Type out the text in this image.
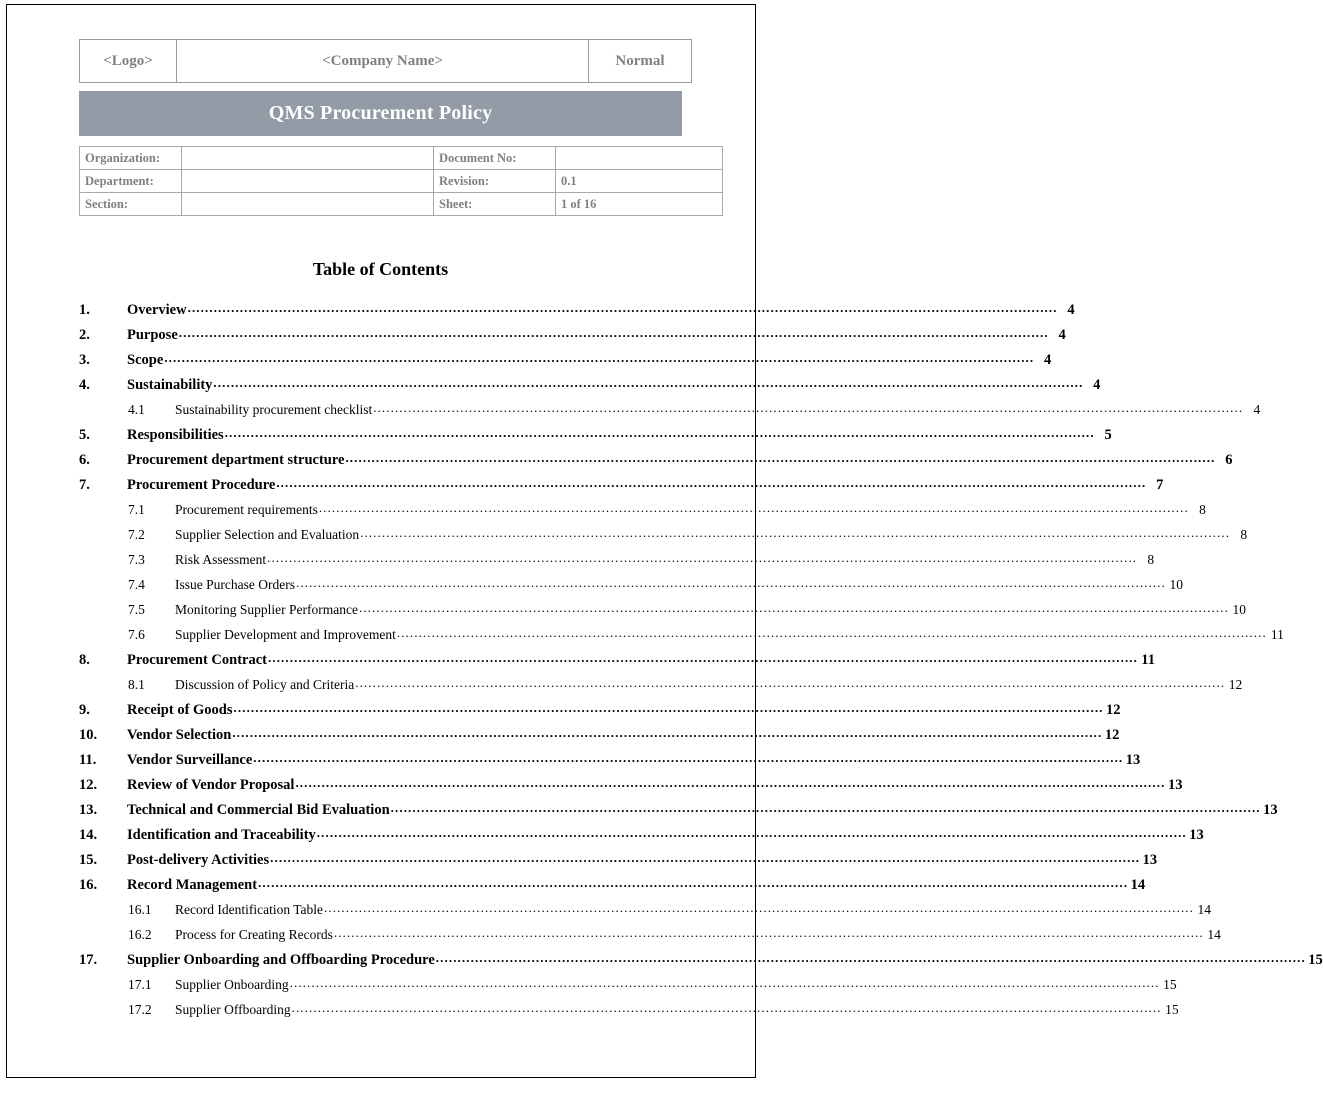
<Logo>	<Company Name>	Normal
QMS Procurement Policy
Organization:		Document No:	
Department:		Revision:	0.1
Section:		Sheet:	1 of 16
Table of Contents
1.	Overview ........................................................................................................................................................................................................ 4
2.	Purpose ........................................................................................................................................................................................................ 4
3.	Scope ........................................................................................................................................................................................................ 4
4.	Sustainability ........................................................................................................................................................................................................ 4
4.1	Sustainability procurement checklist ........................................................................................................................................................................................................ 4
5.	Responsibilities ........................................................................................................................................................................................................ 5
6.	Procurement department structure ........................................................................................................................................................................................................ 6
7.	Procurement Procedure ........................................................................................................................................................................................................ 7
7.1	Procurement requirements ........................................................................................................................................................................................................ 8
7.2	Supplier Selection and Evaluation ........................................................................................................................................................................................................ 8
7.3	Risk Assessment ........................................................................................................................................................................................................ 8
7.4	Issue Purchase Orders ........................................................................................................................................................................................................ 10
7.5	Monitoring Supplier Performance ........................................................................................................................................................................................................ 10
7.6	Supplier Development and Improvement ........................................................................................................................................................................................................ 11
8.	Procurement Contract ........................................................................................................................................................................................................ 11
8.1	Discussion of Policy and Criteria ........................................................................................................................................................................................................ 12
9.	Receipt of Goods ........................................................................................................................................................................................................ 12
10.	Vendor Selection ........................................................................................................................................................................................................ 12
11.	Vendor Surveillance ........................................................................................................................................................................................................ 13
12.	Review of Vendor Proposal ........................................................................................................................................................................................................ 13
13.	Technical and Commercial Bid Evaluation ........................................................................................................................................................................................................ 13
14.	Identification and Traceability ........................................................................................................................................................................................................ 13
15.	Post-delivery Activities ........................................................................................................................................................................................................ 13
16.	Record Management ........................................................................................................................................................................................................ 14
16.1	Record Identification Table ........................................................................................................................................................................................................ 14
16.2	Process for Creating Records ........................................................................................................................................................................................................ 14
17.	Supplier Onboarding and Offboarding Procedure ........................................................................................................................................................................................................ 15
17.1	Supplier Onboarding ........................................................................................................................................................................................................ 15
17.2	Supplier Offboarding ........................................................................................................................................................................................................ 15
